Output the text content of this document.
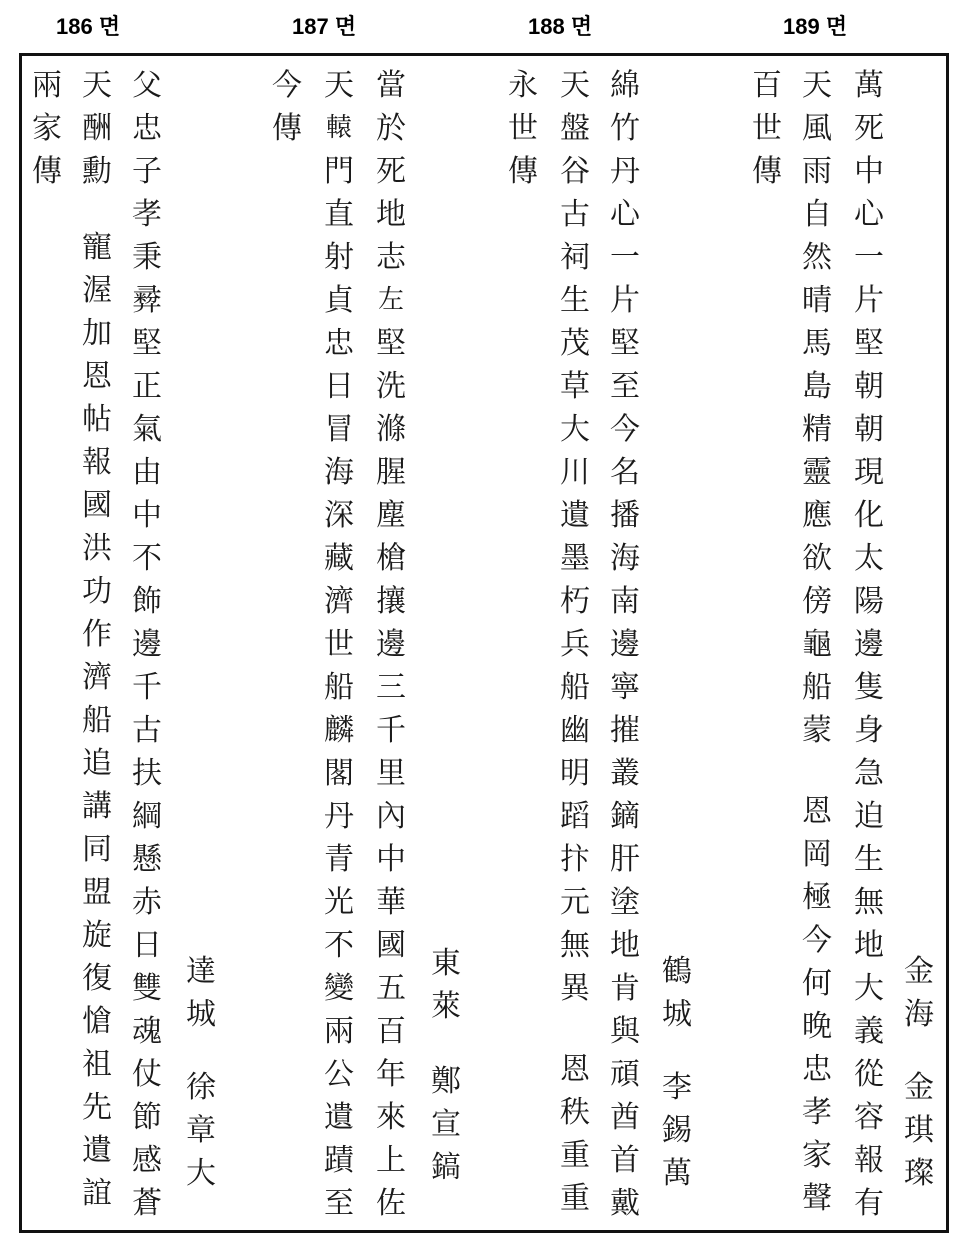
186 면	187 면	188 면	189 면
兩
家
傳
天
酬
勳
寵
渥
加
恩
帖
報
國
洪
功
作
濟
船
追
講
同
盟
旋
復
愴
祖
先
遺
誼
父
忠
子
孝
秉
彛
堅
正
氣
由
中
不
飾
邊
千
古
扶
綱
懸
赤
日
雙
魂
仗
節
感
蒼
達
城
徐
章
大
今
傳
天
轅
門
直
射
貞
忠
日
冒
海
深
藏
濟
世
船
麟
閣
丹
青
光
不
變
兩
公
遺
蹟
至
當
於
死
地
志
左
堅
洗
滌
腥
塵
槍
攘
邊
三
千
里
內
中
華
國
五
百
年
來
上
佐
東
萊
鄭
宣
鎬
永
世
傳
天
盤
谷
古
祠
生
茂
草
大
川
遺
墨
朽
兵
船
幽
明
蹈
抃
元
無
異
恩
秩
重
重
綿
竹
丹
心
一
片
堅
至
今
名
播
海
南
邊
寧
摧
叢
鏑
肝
塗
地
肯
與
頑
酋
首
戴
鶴
城
李
錫
萬
百
世
傳
天
風
雨
自
然
晴
馬
島
精
靈
應
欲
傍
龜
船
蒙
恩
岡
極
今
何
晚
忠
孝
家
聲
萬
死
中
心
一
片
堅
朝
朝
現
化
太
陽
邊
隻
身
急
迫
生
無
地
大
義
從
容
報
有
金
海
金
琪
璨
